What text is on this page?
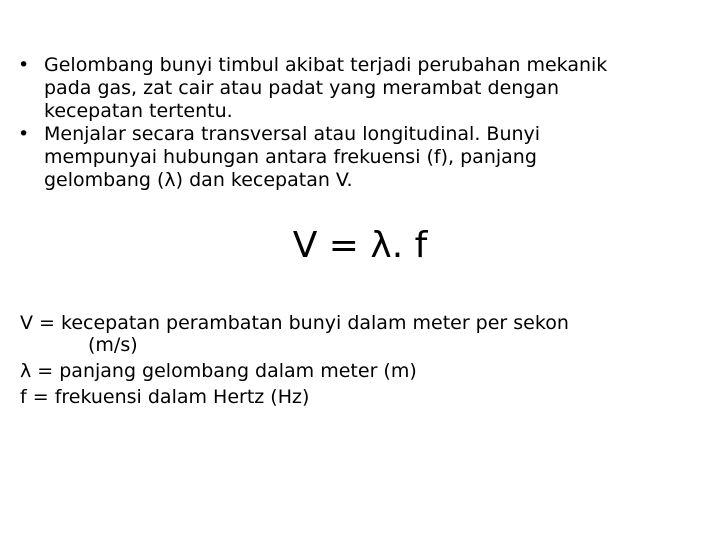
• Gelombang bunyi timbul akibat terjadi perubahan mekanik
pada gas, zat cair atau padat yang merambat dengan
kecepatan tertentu.
• Menjalar secara transversal atau longitudinal. Bunyi
mempunyai hubungan antara frekuensi (f), panjang
gelombang (λ) dan kecepatan V.
V = λ. f
V = kecepatan perambatan bunyi dalam meter per sekon
(m/s)
λ = panjang gelombang dalam meter (m)
f = frekuensi dalam Hertz (Hz)
